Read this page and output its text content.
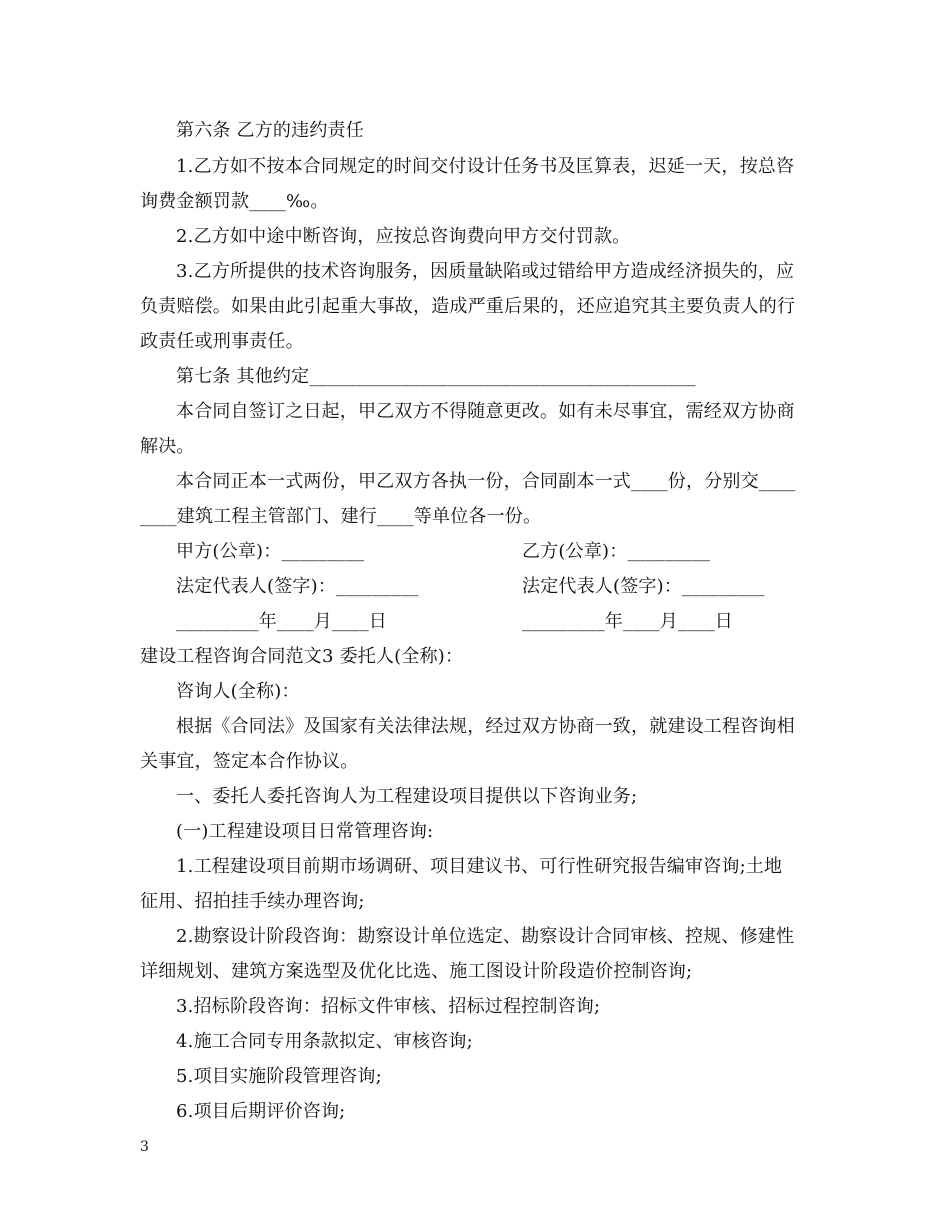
第六条 乙方的违约责任
1.乙方如不按本合同规定的时间交付设计任务书及匡算表，迟延一天，按总咨
询费金额罚款____‰。
2.乙方如中途中断咨询，应按总咨询费向甲方交付罚款。
3.乙方所提供的技术咨询服务，因质量缺陷或过错给甲方造成经济损失的，应
负责赔偿。如果由此引起重大事故，造成严重后果的，还应追究其主要负责人的行
政责任或刑事责任。
第七条 其他约定__________________________________________
本合同自签订之日起，甲乙双方不得随意更改。如有未尽事宜，需经双方协商
解决。
本合同正本一式两份，甲乙双方各执一份，合同副本一式____份，分别交____
____建筑工程主管部门、建行____等单位各一份。
甲方(公章)：_________	乙方(公章)：_________
法定代表人(签字)：_________	法定代表人(签字)：_________
_________年____月____日	_________年____月____日
建设工程咨询合同范文3 委托人(全称)：
咨询人(全称)：
根据《合同法》及国家有关法律法规，经过双方协商一致，就建设工程咨询相
关事宜，签定本合作协议。
一、委托人委托咨询人为工程建设项目提供以下咨询业务;
(一)工程建设项目日常管理咨询:
1.工程建设项目前期市场调研、项目建议书、可行性研究报告编审咨询;土地
征用、招拍挂手续办理咨询;
2.勘察设计阶段咨询：勘察设计单位选定、勘察设计合同审核、控规、修建性
详细规划、建筑方案选型及优化比选、施工图设计阶段造价控制咨询;
3.招标阶段咨询：招标文件审核、招标过程控制咨询;
4.施工合同专用条款拟定、审核咨询;
5.项目实施阶段管理咨询;
6.项目后期评价咨询;
3
